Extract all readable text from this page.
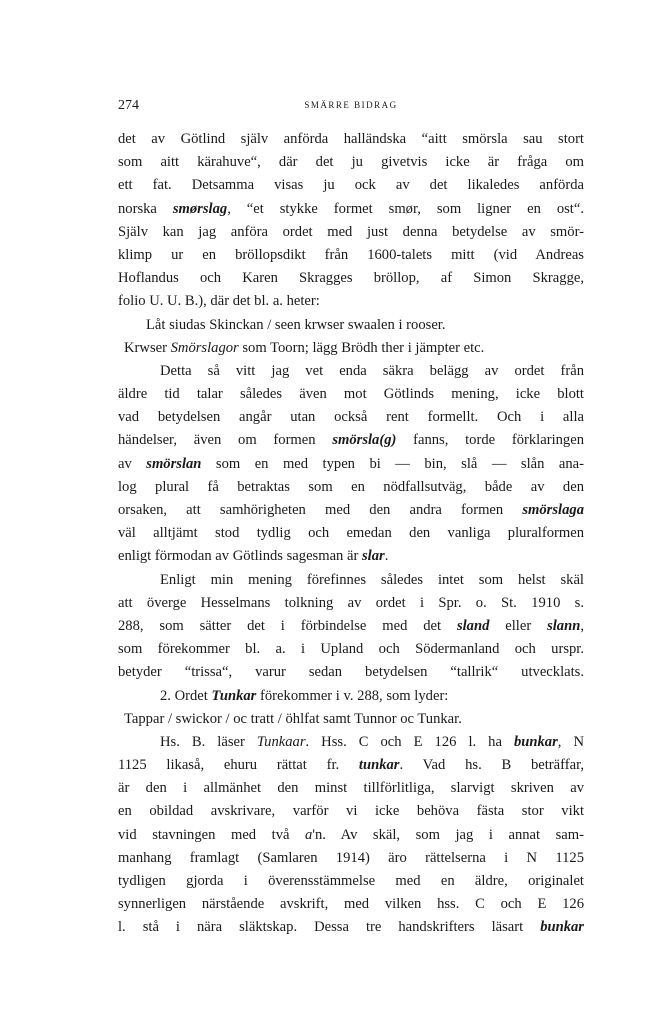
274	SMÄRRE BIDRAG
det av Götlind själv anförda halländska “aitt smörsla sau stort
som aitt kärahuve“, där det ju givetvis icke är fråga om
ett fat. Detsamma visas ju ock av det likaledes anförda
norska smørslag, “et stykke formet smør, som ligner en ost“.
Själv kan jag anföra ordet med just denna betydelse av smör-
klimp ur en bröllopsdikt från 1600-talets mitt (vid Andreas
Hoflandus och Karen Skragges bröllop, af Simon Skragge,
folio U. U. B.), där det bl. a. heter:
Låt siudas Skinckan / seen krwser swaalen i rooser.
Krwser Smörslagor som Toorn; lägg Brödh ther i jämpter etc.
Detta så vitt jag vet enda säkra belägg av ordet från
äldre tid talar således även mot Götlinds mening, icke blott
vad betydelsen angår utan också rent formellt. Och i alla
händelser, även om formen smörsla(g) fanns, torde förklaringen
av smörslan som en med typen bi — bin, slå — slån ana-
log plural få betraktas som en nödfallsutväg, både av den
orsaken, att samhörigheten med den andra formen smörslaga
väl alltjämt stod tydlig och emedan den vanliga pluralformen
enligt förmodan av Götlinds sagesman är slar.
Enligt min mening förefinnes således intet som helst skäl
att överge Hesselmans tolkning av ordet i Spr. o. St. 1910 s.
288, som sätter det i förbindelse med det sland eller slann,
som förekommer bl. a. i Upland och Södermanland och urspr.
betyder “trissa“, varur sedan betydelsen “tallrik“ utvecklats.
2. Ordet Tunkar förekommer i v. 288, som lyder:
Tappar / swickor / oc tratt / öhlfat samt Tunnor oc Tunkar.
Hs. B. läser Tunkaar. Hss. C och E 126 l. ha bunkar, N
1125 likaså, ehuru rättat fr. tunkar. Vad hs. B beträffar,
är den i allmänhet den minst tillförlitliga, slarvigt skriven av
en obildad avskrivare, varför vi icke behöva fästa stor vikt
vid stavningen med två a'n. Av skäl, som jag i annat sam-
manhang framlagt (Samlaren 1914) äro rättelserna i N 1125
tydligen gjorda i överensstämmelse med en äldre, originalet
synnerligen närstående avskrift, med vilken hss. C och E 126
l. stå i nära släktskap. Dessa tre handskrifters läsart bunkar
